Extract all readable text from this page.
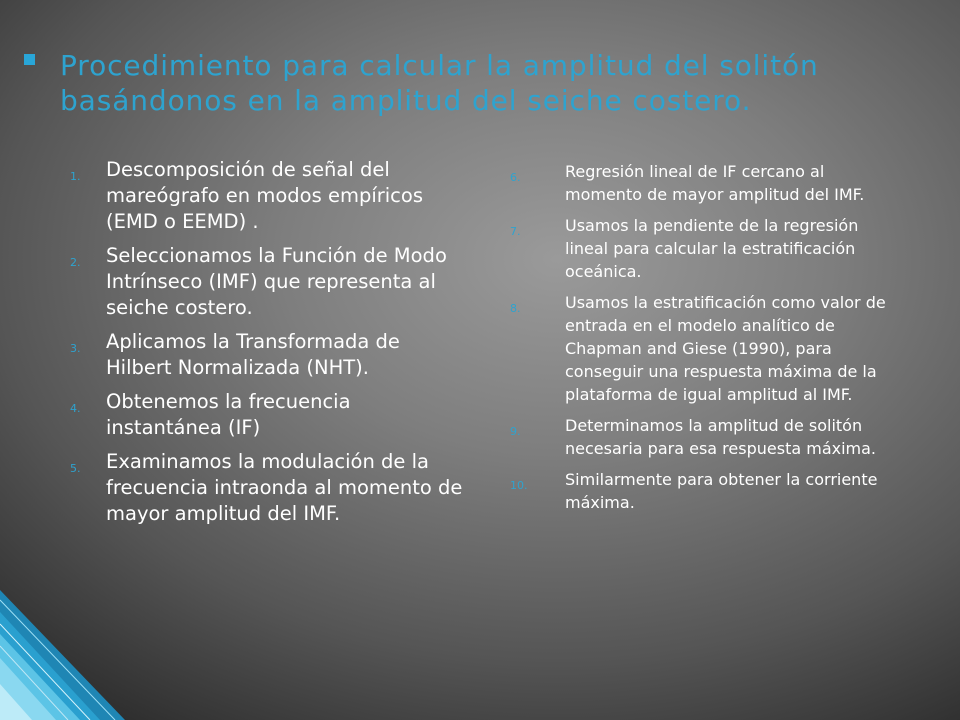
Procedimiento para calcular la amplitud del solitón basándonos en la amplitud del seiche costero.
1. Descomposición de señal del mareógrafo en modos empíricos (EMD o EEMD) .
2. Seleccionamos la Función de Modo Intrínseco (IMF) que representa al seiche costero.
3. Aplicamos la Transformada de Hilbert Normalizada (NHT).
4. Obtenemos la frecuencia instantánea (IF)
5. Examinamos la modulación de la frecuencia intraonda al momento de mayor amplitud del IMF.
6.	Regresión lineal de IF cercano al momento de mayor amplitud del IMF.
7.	Usamos la pendiente de la regresión lineal para calcular la estratificación oceánica.
8.	Usamos la estratificación como valor de entrada en el modelo analítico de Chapman and Giese (1990), para conseguir una respuesta máxima de la plataforma de igual amplitud al IMF.
9.	Determinamos la amplitud de solitón necesaria para esa respuesta máxima.
10. Similarmente para obtener la corriente máxima.
